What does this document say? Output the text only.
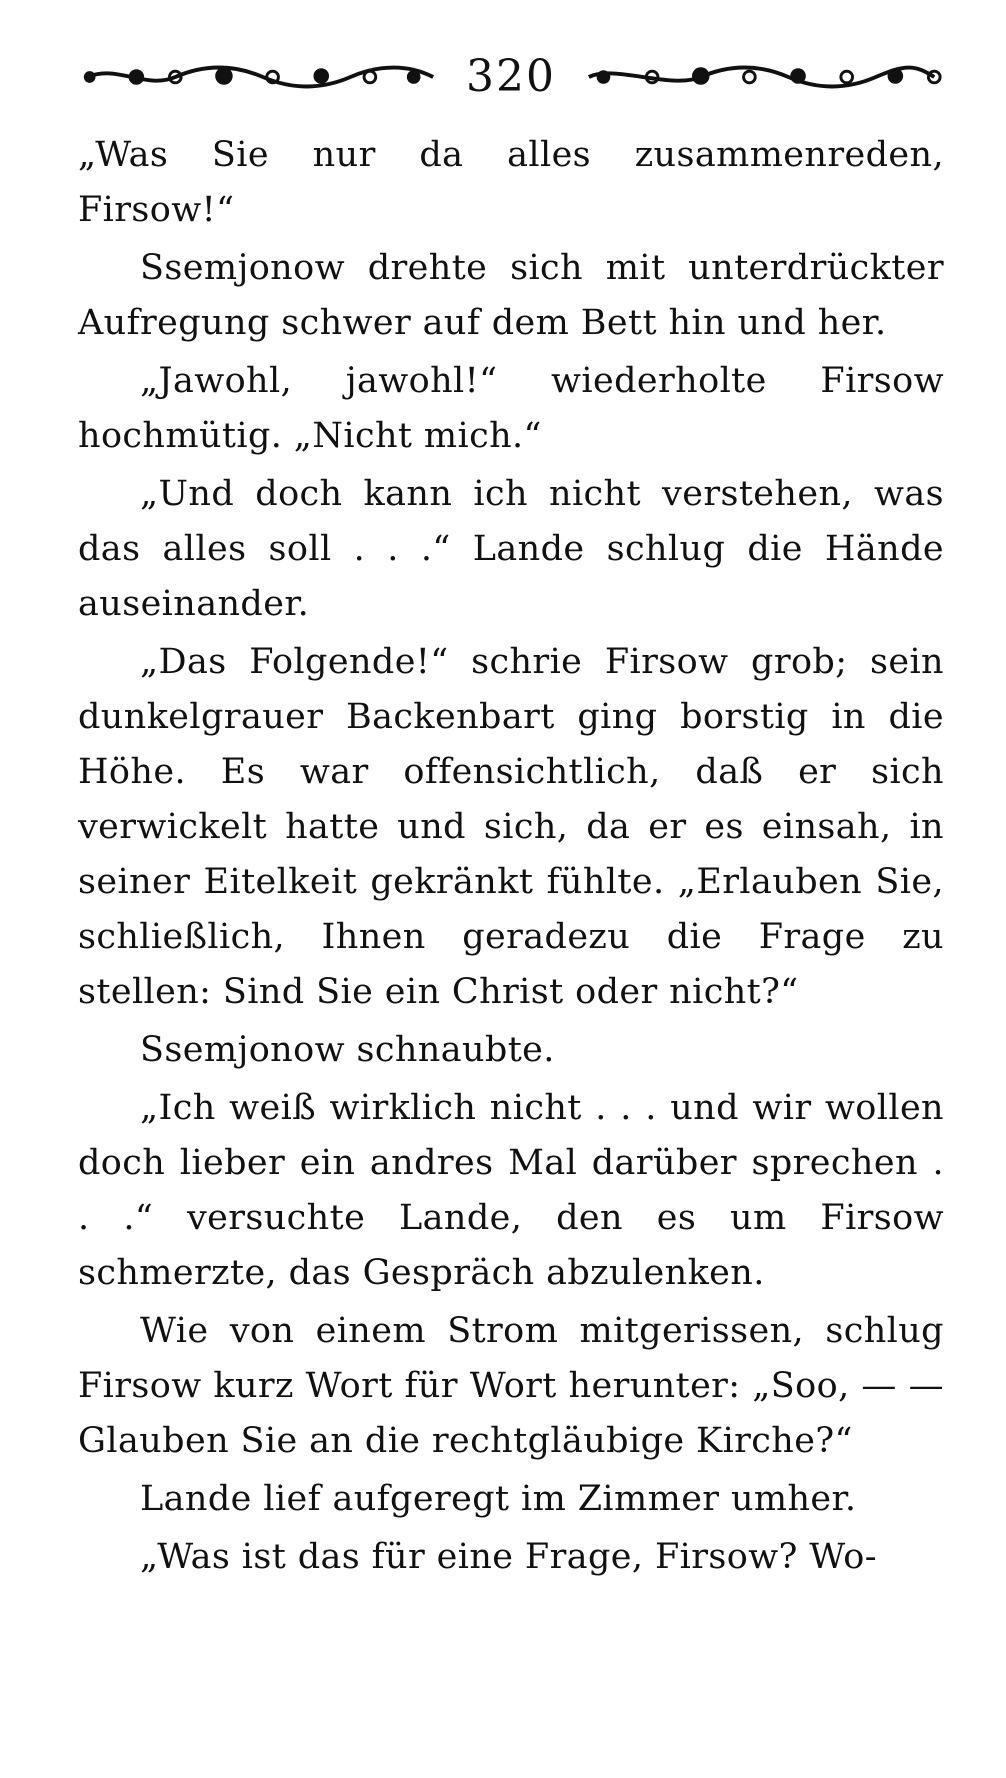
320

„Was Sie nur da alles zusammenreden, Firsow!“

Ssemjonow drehte sich mit unterdrückter Aufregung schwer auf dem Bett hin und her.

„Jawohl, jawohl!“ wiederholte Firsow hochmütig. „Nicht mich.“

„Und doch kann ich nicht verstehen, was das alles soll . . .“ Lande schlug die Hände auseinander.

„Das Folgende!“ schrie Firsow grob; sein dunkelgrauer Backenbart ging borstig in die Höhe. Es war offensichtlich, daß er sich verwickelt hatte und sich, da er es einsah, in seiner Eitelkeit gekränkt fühlte. „Erlauben Sie, schließlich, Ihnen geradezu die Frage zu stellen: Sind Sie ein Christ oder nicht?“

Ssemjonow schnaubte.

„Ich weiß wirklich nicht . . . und wir wollen doch lieber ein andres Mal darüber sprechen . . .“ versuchte Lande, den es um Firsow schmerzte, das Gespräch abzulenken.

Wie von einem Strom mitgerissen, schlug Firsow kurz Wort für Wort herunter: „Soo, — — Glauben Sie an die rechtgläubige Kirche?“

Lande lief aufgeregt im Zimmer umher.

„Was ist das für eine Frage, Firsow? Wo-
